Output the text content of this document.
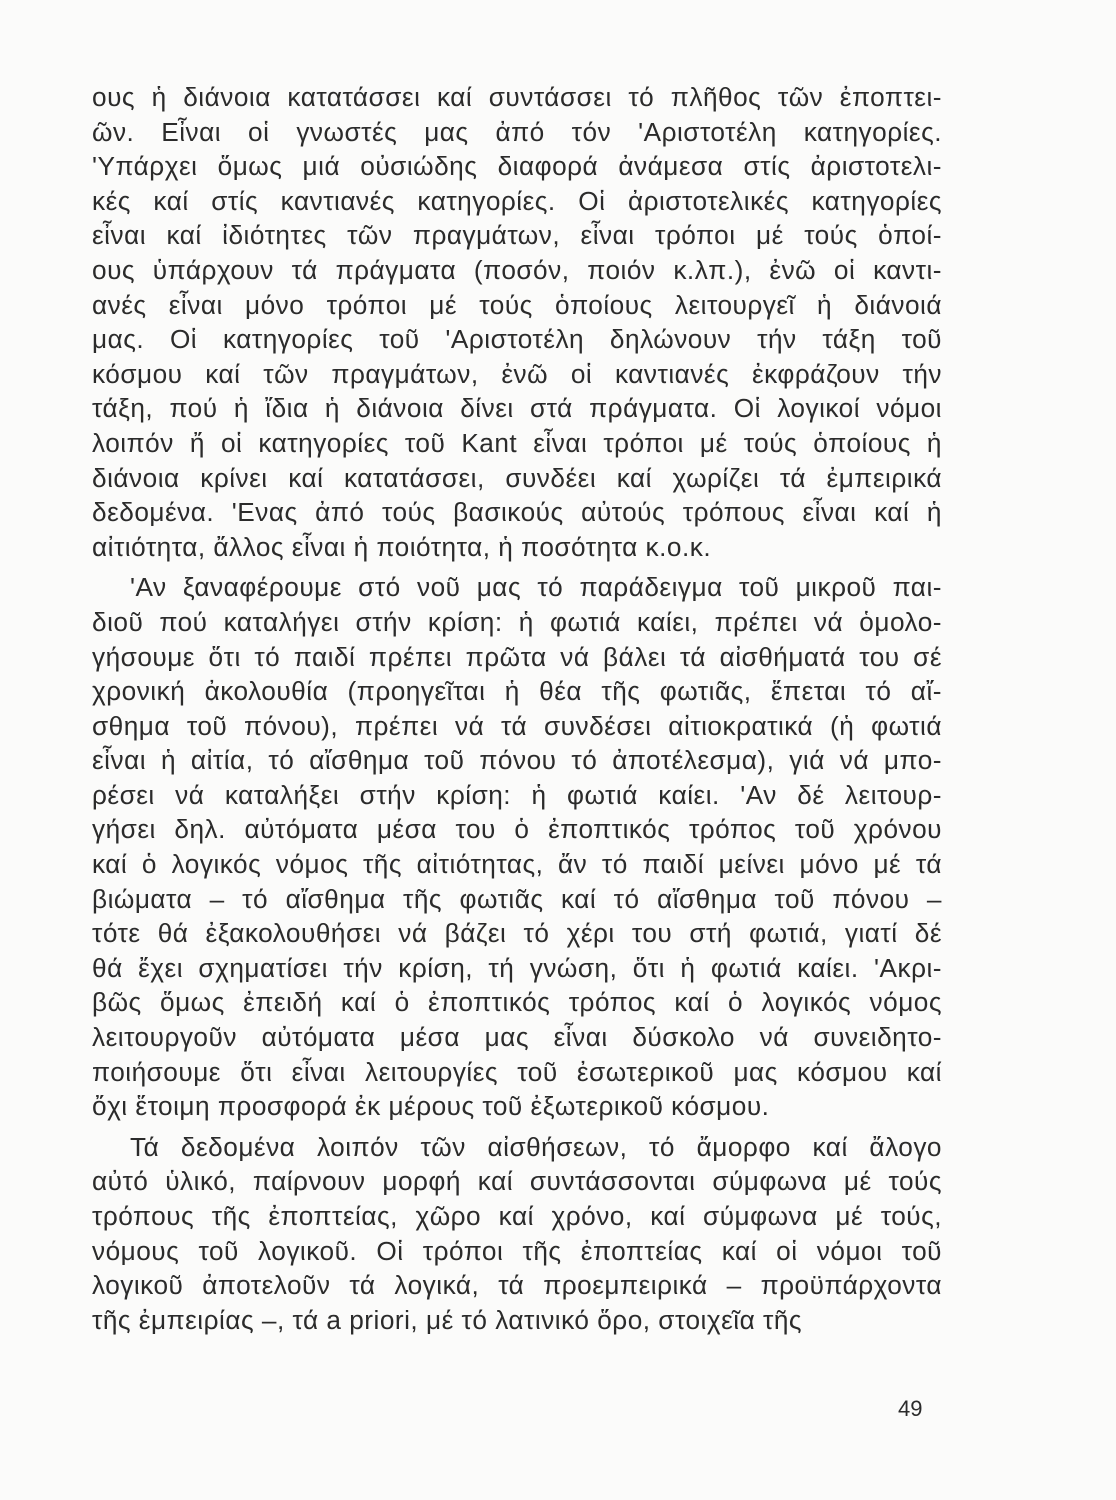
ους ἡ διάνοια κατατάσσει καί συντάσσει τό πλῆθος τῶν ἐποπτει-
ῶν. Εἶναι οἱ γνωστές μας ἀπό τόν 'Αριστοτέλη κατηγορίες.
'Υπάρχει ὅμως μιά οὐσιώδης διαφορά ἀνάμεσα στίς ἀριστοτελι-
κές καί στίς καντιανές κατηγορίες. Οἱ ἀριστοτελικές κατηγορίες
εἶναι καί ἰδιότητες τῶν πραγμάτων, εἶναι τρόποι μέ τούς ὁποί-
ους ὑπάρχουν τά πράγματα (ποσόν, ποιόν κ.λπ.), ἐνῶ οἱ καντι-
ανές εἶναι μόνο τρόποι μέ τούς ὁποίους λειτουργεῖ ἡ διάνοιά
μας. Οἱ κατηγορίες τοῦ 'Αριστοτέλη δηλώνουν τήν τάξη τοῦ
κόσμου καί τῶν πραγμάτων, ἐνῶ οἱ καντιανές ἐκφράζουν τήν
τάξη, πού ἡ ἴδια ἡ διάνοια δίνει στά πράγματα. Οἱ λογικοί νόμοι
λοιπόν ἤ οἱ κατηγορίες τοῦ Kant εἶναι τρόποι μέ τούς ὁποίους ἡ
διάνοια κρίνει καί κατατάσσει, συνδέει καί χωρίζει τά ἐμπειρικά
δεδομένα. 'Ενας ἀπό τούς βασικούς αὐτούς τρόπους εἶναι καί ἡ
αἰτιότητα, ἄλλος εἶναι ἡ ποιότητα, ἡ ποσότητα κ.ο.κ.
'Αν ξαναφέρουμε στό νοῦ μας τό παράδειγμα τοῦ μικροῦ παι-
διοῦ πού καταλήγει στήν κρίση: ἡ φωτιά καίει, πρέπει νά ὁμολο-
γήσουμε ὅτι τό παιδί πρέπει πρῶτα νά βάλει τά αἰσθήματά του σέ
χρονική ἀκολουθία (προηγεῖται ἡ θέα τῆς φωτιᾶς, ἕπεται τό αἴ-
σθημα τοῦ πόνου), πρέπει νά τά συνδέσει αἰτιοκρατικά (ἡ φωτιά
εἶναι ἡ αἰτία, τό αἴσθημα τοῦ πόνου τό ἀποτέλεσμα), γιά νά μπο-
ρέσει νά καταλήξει στήν κρίση: ἡ φωτιά καίει. 'Αν δέ λειτουρ-
γήσει δηλ. αὐτόματα μέσα του ὁ ἐποπτικός τρόπος τοῦ χρόνου
καί ὁ λογικός νόμος τῆς αἰτιότητας, ἄν τό παιδί μείνει μόνο μέ τά
βιώματα – τό αἴσθημα τῆς φωτιᾶς καί τό αἴσθημα τοῦ πόνου –
τότε θά ἐξακολουθήσει νά βάζει τό χέρι του στή φωτιά, γιατί δέ
θά ἔχει σχηματίσει τήν κρίση, τή γνώση, ὅτι ἡ φωτιά καίει. 'Ακρι-
βῶς ὅμως ἐπειδή καί ὁ ἐποπτικός τρόπος καί ὁ λογικός νόμος
λειτουργοῦν αὐτόματα μέσα μας εἶναι δύσκολο νά συνειδητο-
ποιήσουμε ὅτι εἶναι λειτουργίες τοῦ ἐσωτερικοῦ μας κόσμου καί
ὄχι ἕτοιμη προσφορά ἐκ μέρους τοῦ ἐξωτερικοῦ κόσμου.
Τά δεδομένα λοιπόν τῶν αἰσθήσεων, τό ἄμορφο καί ἄλογο
αὐτό ὑλικό, παίρνουν μορφή καί συντάσσονται σύμφωνα μέ τούς
τρόπους τῆς ἐποπτείας, χῶρο καί χρόνο, καί σύμφωνα μέ τούς,
νόμους τοῦ λογικοῦ. Οἱ τρόποι τῆς ἐποπτείας καί οἱ νόμοι τοῦ
λογικοῦ ἀποτελοῦν τά λογικά, τά προεμπειρικά – προϋπάρχοντα
τῆς ἐμπειρίας –, τά a priori, μέ τό λατινικό ὅρο, στοιχεῖα τῆς
49
